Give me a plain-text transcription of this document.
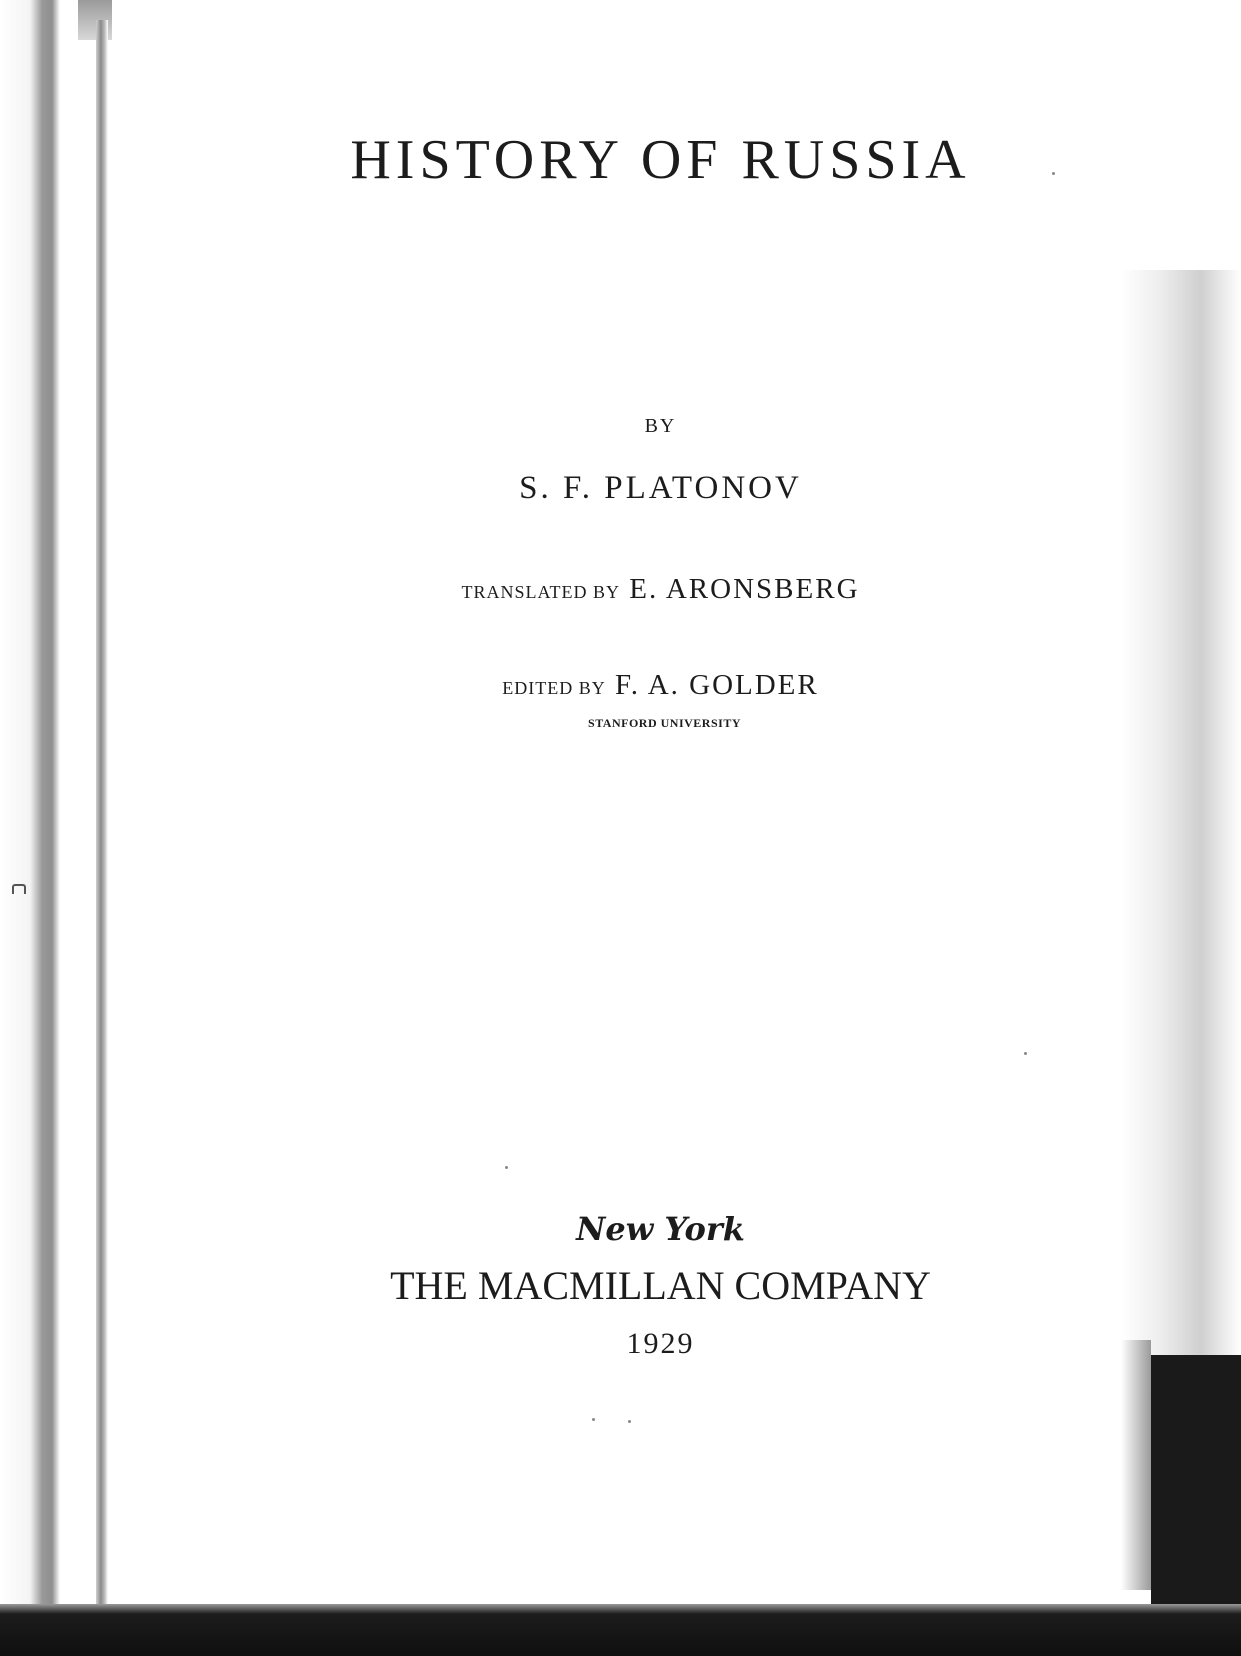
HISTORY OF RUSSIA
BY
S. F. PLATONOV
TRANSLATED BY E. ARONSBERG
EDITED BY F. A. GOLDER
STANFORD UNIVERSITY
New York
THE MACMILLAN COMPANY
1929
